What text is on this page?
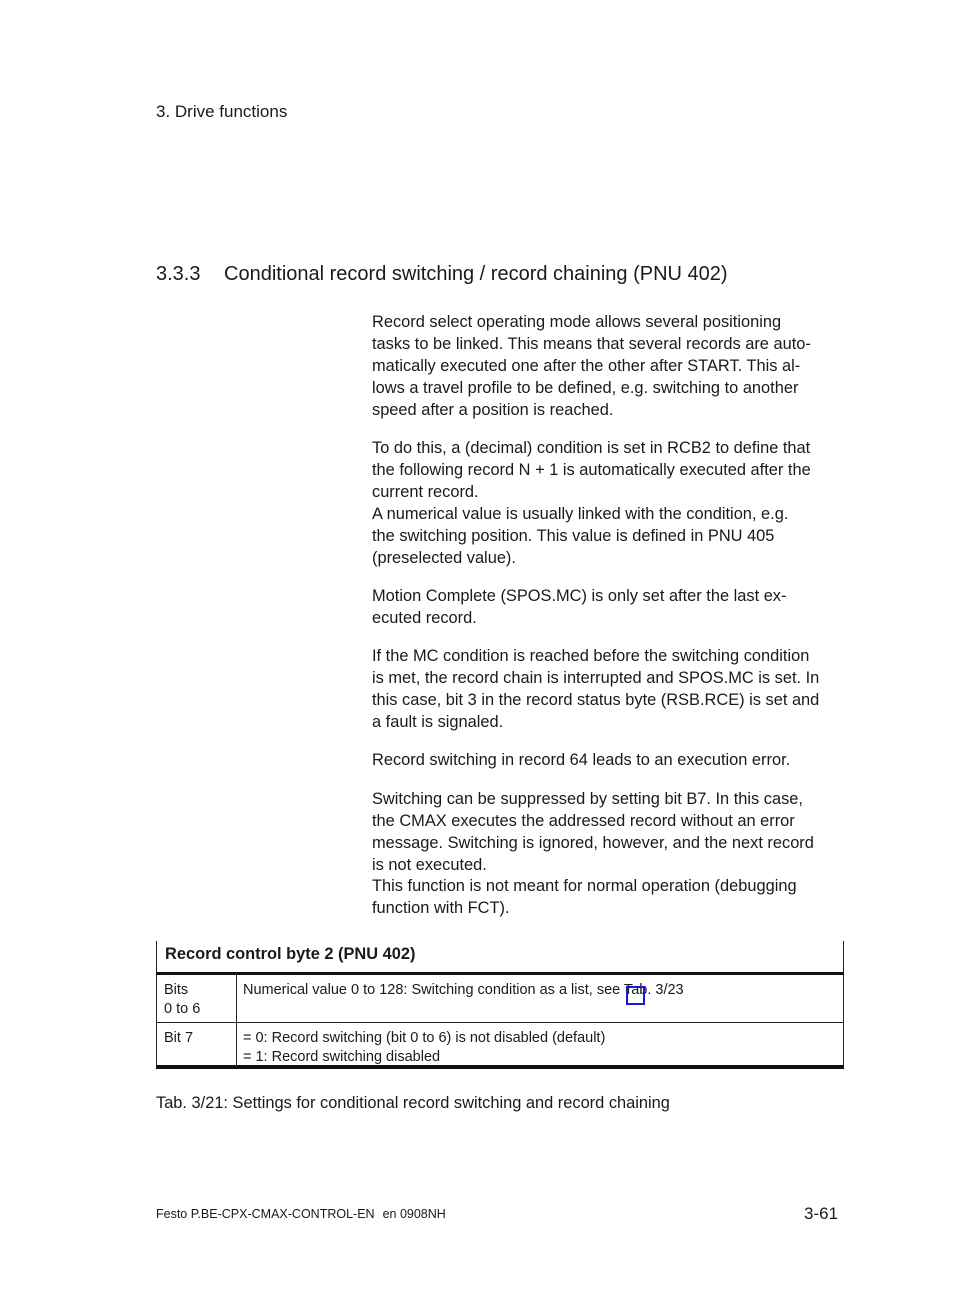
3. Drive functions
3.3.3 Conditional record switching / record chaining (PNU 402)

Record select operating mode allows several positioning
tasks to be linked. This means that several records are auto-
matically executed one after the other after START. This al-
lows a travel profile to be defined, e.g. switching to another
speed after a position is reached.

To do this, a (decimal) condition is set in RCB2 to define that
the following record N + 1 is automatically executed after the
current record.
A numerical value is usually linked with the condition, e.g.
the switching position. This value is defined in PNU 405
(preselected value).

Motion Complete (SPOS.MC) is only set after the last ex-
ecuted record.

If the MC condition is reached before the switching condition
is met, the record chain is interrupted and SPOS.MC is set. In
this case, bit 3 in the record status byte (RSB.RCE) is set and
a fault is signaled.

Record switching in record 64 leads to an execution error.

Switching can be suppressed by setting bit B7. In this case,
the CMAX executes the addressed record without an error
message. Switching is ignored, however, and the next record
is not executed.
This function is not meant for normal operation (debugging
function with FCT).

Record control byte 2 (PNU 402)
Bits
0 to 6
Numerical value 0 to 128: Switching condition as a list, see Tab. 3/23
Bit 7	= 0: Record switching (bit 0 to 6) is not disabled (default)
= 1: Record switching disabled
Tab. 3/21: Settings for conditional record switching and record chaining
Festo P.BE-CPX-CMAX-CONTROL-EN en 0908NH	3-61
